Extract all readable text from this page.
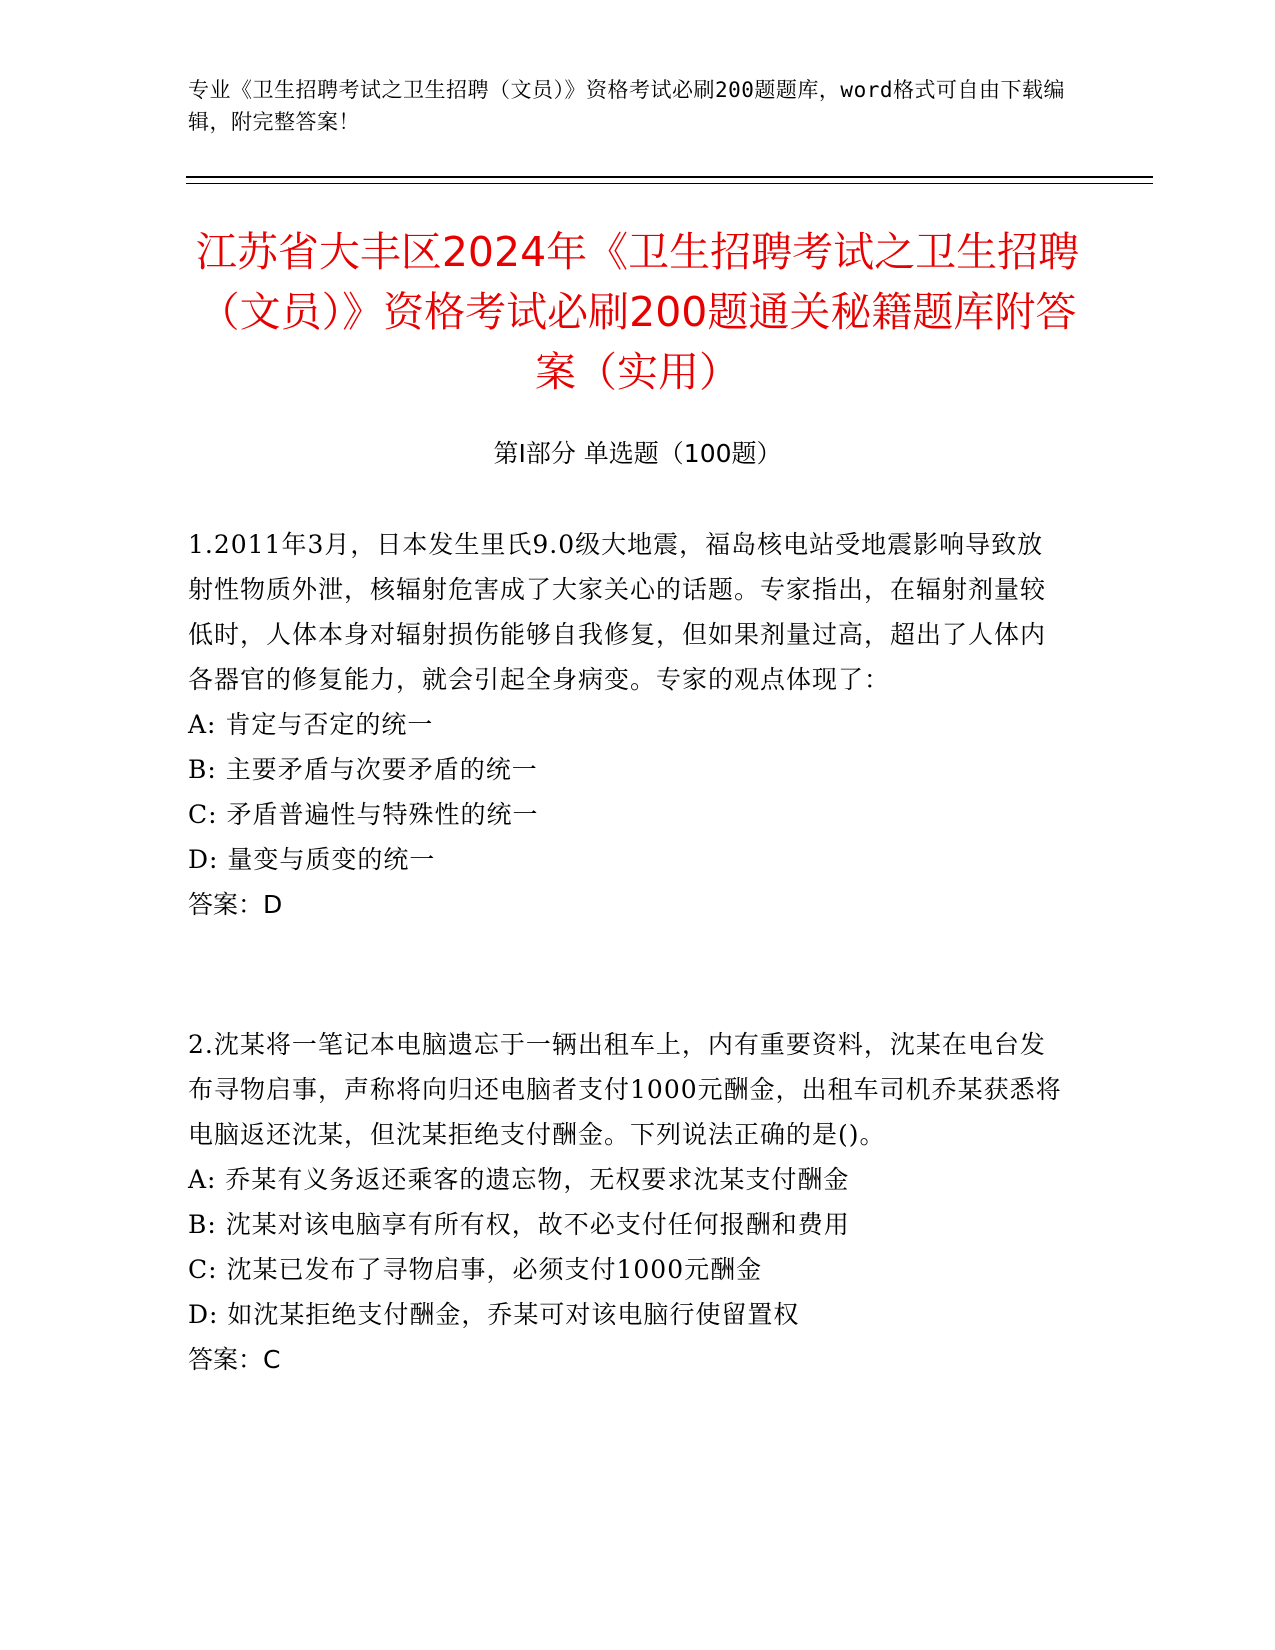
专业《卫生招聘考试之卫生招聘（文员）》资格考试必刷200题题库，word格式可自由下载编辑，附完整答案！
江苏省大丰区2024年《卫生招聘考试之卫生招聘（文员）》资格考试必刷200题通关秘籍题库附答案（实用）
第Ⅰ部分 单选题（100题）

1.2011年3月，日本发生里氏9.0级大地震，福岛核电站受地震影响导致放射性物质外泄，核辐射危害成了大家关心的话题。专家指出，在辐射剂量较低时，人体本身对辐射损伤能够自我修复，但如果剂量过高，超出了人体内各器官的修复能力，就会引起全身病变。专家的观点体现了：

A: 肯定与否定的统一

B: 主要矛盾与次要矛盾的统一

C: 矛盾普遍性与特殊性的统一

D: 量变与质变的统一

答案：D

2.沈某将一笔记本电脑遗忘于一辆出租车上，内有重要资料，沈某在电台发布寻物启事，声称将向归还电脑者支付1000元酬金，出租车司机乔某获悉将电脑返还沈某，但沈某拒绝支付酬金。下列说法正确的是()。

A: 乔某有义务返还乘客的遗忘物，无权要求沈某支付酬金

B: 沈某对该电脑享有所有权，故不必支付任何报酬和费用

C: 沈某已发布了寻物启事，必须支付1000元酬金

D: 如沈某拒绝支付酬金，乔某可对该电脑行使留置权

答案：C
